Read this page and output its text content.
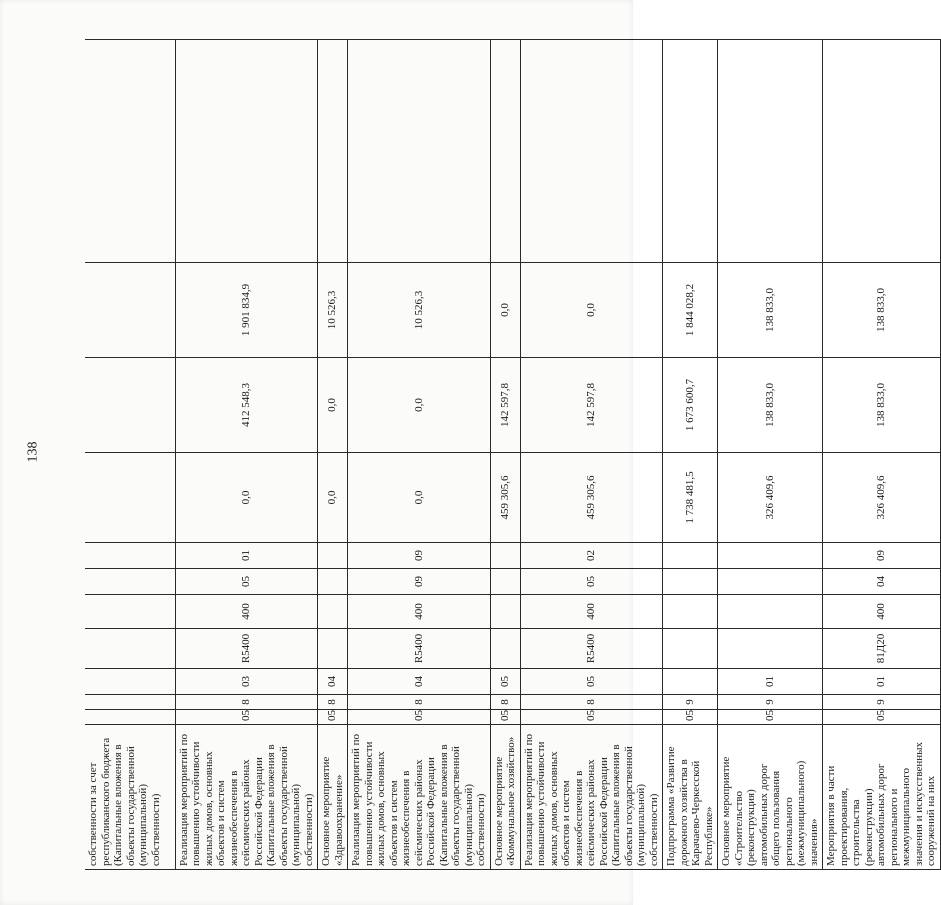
138
собственности за счет республиканского бюджета (Капитальные вложения в объекты государственной (муниципальной) собственности)											
Реализация мероприятий по повышению устойчивости жилых домов, основных объектов и систем жизнеобеспечения в сейсмических районах Российской Федерации (Капитальные вложения в объекты государственной (муниципальной) собственности)	05	8	03	R5400	400	05	01	0,0	412 548,3	1 901 834,9	
Основное мероприятие «Здравоохранение»	05	8	04					0,0	0,0	10 526,3	
Реализация мероприятий по повышению устойчивости жилых домов, основных объектов и систем жизнеобеспечения в сейсмических районах Российской Федерации (Капитальные вложения в объекты государственной (муниципальной) собственности)	05	8	04	R5400	400	09	09	0,0	0,0	10 526,3	
Основное мероприятие «Коммунальное хозяйство»	05	8	05					459 305,6	142 597,8	0,0	
Реализация мероприятий по повышению устойчивости жилых домов, основных объектов и систем жизнеобеспечения в сейсмических районах Российской Федерации (Капитальные вложения в объекты государственной (муниципальной) собственности)	05	8	05	R5400	400	05	02	459 305,6	142 597,8	0,0	
Подпрограмма «Развитие дорожного хозяйства в Карачаево-Черкесской Республике»	05	9						1 738 481,5	1 673 600,7	1 844 028,2	
Основное мероприятие «Строительство (реконструкция) автомобильных дорог общего пользования регионального (межмуниципального) значения»	05	9	01					326 409,6	138 833,0	138 833,0	
Мероприятия в части проектирования, строительства (реконструкции) автомобильных дорог регионального и межмуниципального значения и искусственных сооружений на них	05	9	01	81Д20	400	04	09	326 409,6	138 833,0	138 833,0	
